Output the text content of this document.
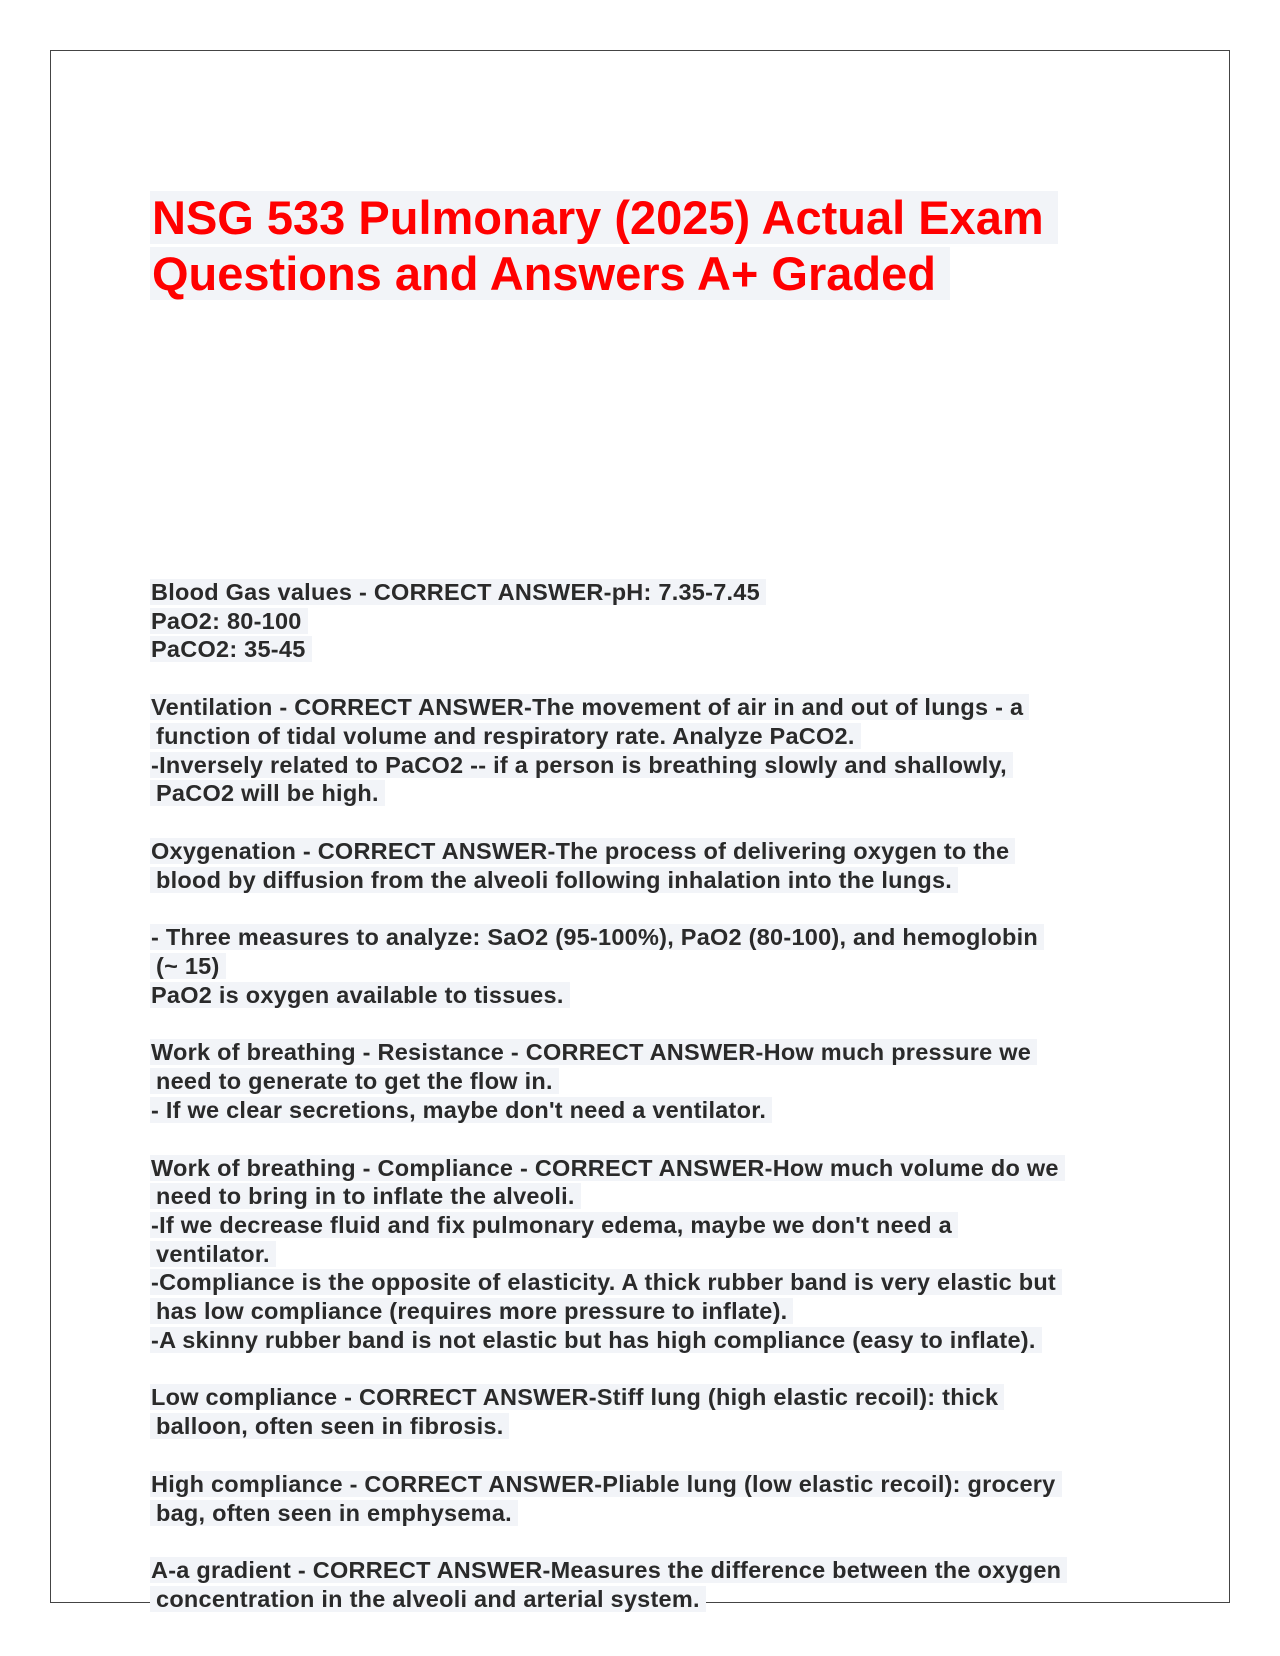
NSG 533 Pulmonary (2025) Actual Exam
Questions and Answers A+ Graded
Blood Gas values - CORRECT ANSWER-pH: 7.35-7.45
PaO2: 80-100
PaCO2: 35-45
Ventilation - CORRECT ANSWER-The movement of air in and out of lungs - a
function of tidal volume and respiratory rate. Analyze PaCO2.
-Inversely related to PaCO2 -- if a person is breathing slowly and shallowly,
PaCO2 will be high.
Oxygenation - CORRECT ANSWER-The process of delivering oxygen to the
blood by diffusion from the alveoli following inhalation into the lungs.
- Three measures to analyze: SaO2 (95-100%), PaO2 (80-100), and hemoglobin
(~ 15)
PaO2 is oxygen available to tissues.
Work of breathing - Resistance - CORRECT ANSWER-How much pressure we
need to generate to get the flow in.
- If we clear secretions, maybe don't need a ventilator.
Work of breathing - Compliance - CORRECT ANSWER-How much volume do we
need to bring in to inflate the alveoli.
-If we decrease fluid and fix pulmonary edema, maybe we don't need a
ventilator.
-Compliance is the opposite of elasticity. A thick rubber band is very elastic but
has low compliance (requires more pressure to inflate).
-A skinny rubber band is not elastic but has high compliance (easy to inflate).
Low compliance - CORRECT ANSWER-Stiff lung (high elastic recoil): thick
balloon, often seen in fibrosis.
High compliance - CORRECT ANSWER-Pliable lung (low elastic recoil): grocery
bag, often seen in emphysema.
A-a gradient - CORRECT ANSWER-Measures the difference between the oxygen
concentration in the alveoli and arterial system.
